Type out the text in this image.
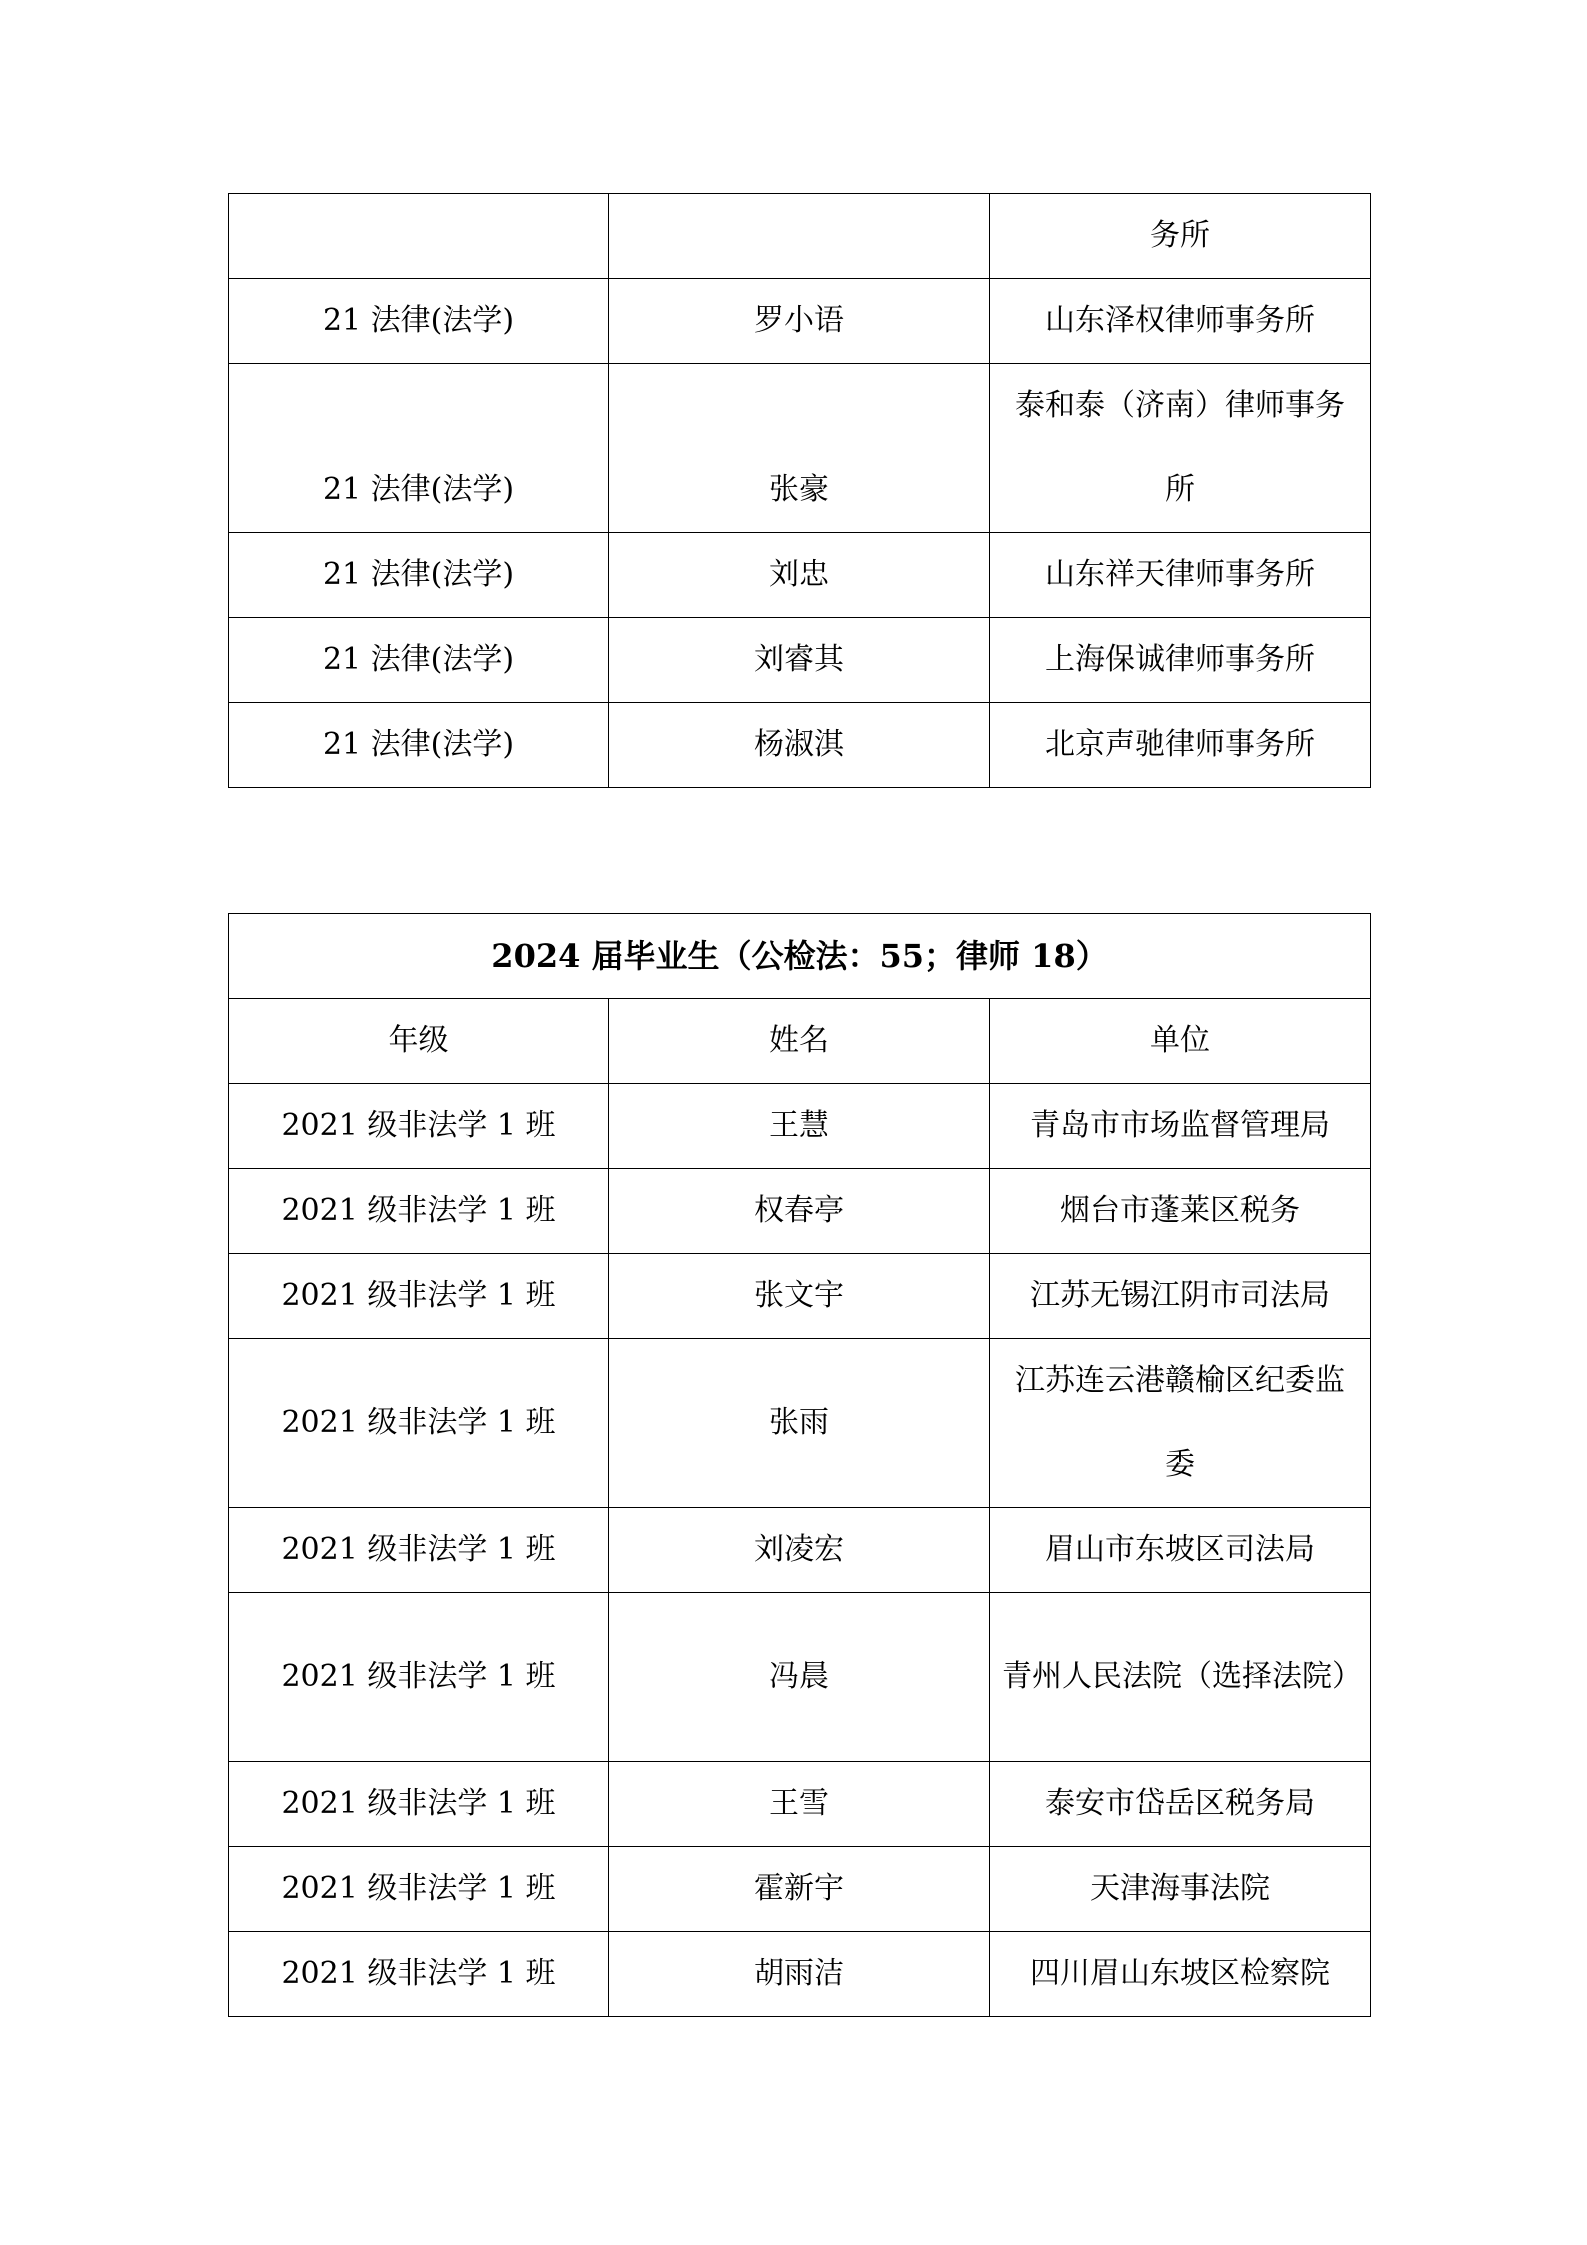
		务所
21 法律(法学)	罗小语	山东泽权律师事务所
21 法律(法学)	张豪	泰和泰（济南）律师事务所
21 法律(法学)	刘忠	山东祥天律师事务所
21 法律(法学)	刘睿其	上海保诚律师事务所
21 法律(法学)	杨淑淇	北京声驰律师事务所
2024 届毕业生（公检法：55；律师 18）		
年级	姓名	单位
2021 级非法学 1 班	王慧	青岛市市场监督管理局
2021 级非法学 1 班	权春亭	烟台市蓬莱区税务
2021 级非法学 1 班	张文宇	江苏无锡江阴市司法局
2021 级非法学 1 班	张雨	江苏连云港赣榆区纪委监委
2021 级非法学 1 班	刘凌宏	眉山市东坡区司法局
2021 级非法学 1 班	冯晨	青州人民法院（选择法院）
2021 级非法学 1 班	王雪	泰安市岱岳区税务局
2021 级非法学 1 班	霍新宇	天津海事法院
2021 级非法学 1 班	胡雨洁	四川眉山东坡区检察院
